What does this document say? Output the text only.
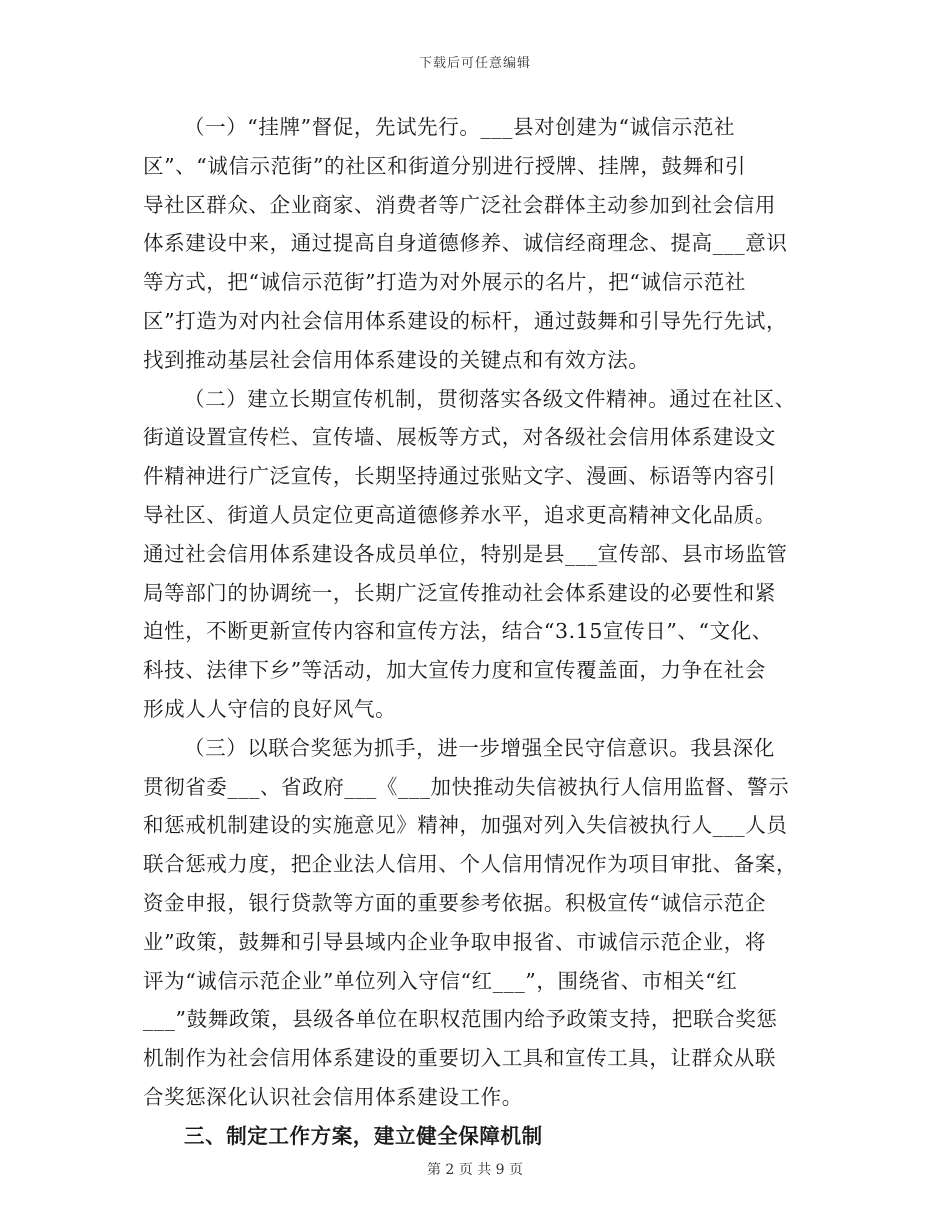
下载后可任意编辑
（一）“挂牌”督促，先试先行。___县对创建为“诚信示范社
区”、“诚信示范街”的社区和街道分别进行授牌、挂牌，鼓舞和引
导社区群众、企业商家、消费者等广泛社会群体主动参加到社会信用
体系建设中来，通过提高自身道德修养、诚信经商理念、提高___意识
等方式，把“诚信示范街”打造为对外展示的名片，把“诚信示范社
区”打造为对内社会信用体系建设的标杆，通过鼓舞和引导先行先试，
找到推动基层社会信用体系建设的关键点和有效方法。
（二）建立长期宣传机制，贯彻落实各级文件精神。通过在社区、
街道设置宣传栏、宣传墙、展板等方式，对各级社会信用体系建设文
件精神进行广泛宣传，长期坚持通过张贴文字、漫画、标语等内容引
导社区、街道人员定位更高道德修养水平，追求更高精神文化品质。
通过社会信用体系建设各成员单位，特别是县___宣传部、县市场监管
局等部门的协调统一，长期广泛宣传推动社会体系建设的必要性和紧
迫性，不断更新宣传内容和宣传方法，结合“3.15宣传日”、“文化、
科技、法律下乡”等活动，加大宣传力度和宣传覆盖面，力争在社会
形成人人守信的良好风气。
（三）以联合奖惩为抓手，进一步增强全民守信意识。我县深化
贯彻省委___、省政府___《___加快推动失信被执行人信用监督、警示
和惩戒机制建设的实施意见》精神，加强对列入失信被执行人___人员
联合惩戒力度，把企业法人信用、个人信用情况作为项目审批、备案，
资金申报，银行贷款等方面的重要参考依据。积极宣传“诚信示范企
业”政策，鼓舞和引导县域内企业争取申报省、市诚信示范企业，将
评为“诚信示范企业”单位列入守信“红___”，围绕省、市相关“红
___”鼓舞政策，县级各单位在职权范围内给予政策支持，把联合奖惩
机制作为社会信用体系建设的重要切入工具和宣传工具，让群众从联
合奖惩深化认识社会信用体系建设工作。
三、制定工作方案，建立健全保障机制
第 2 页 共 9 页
